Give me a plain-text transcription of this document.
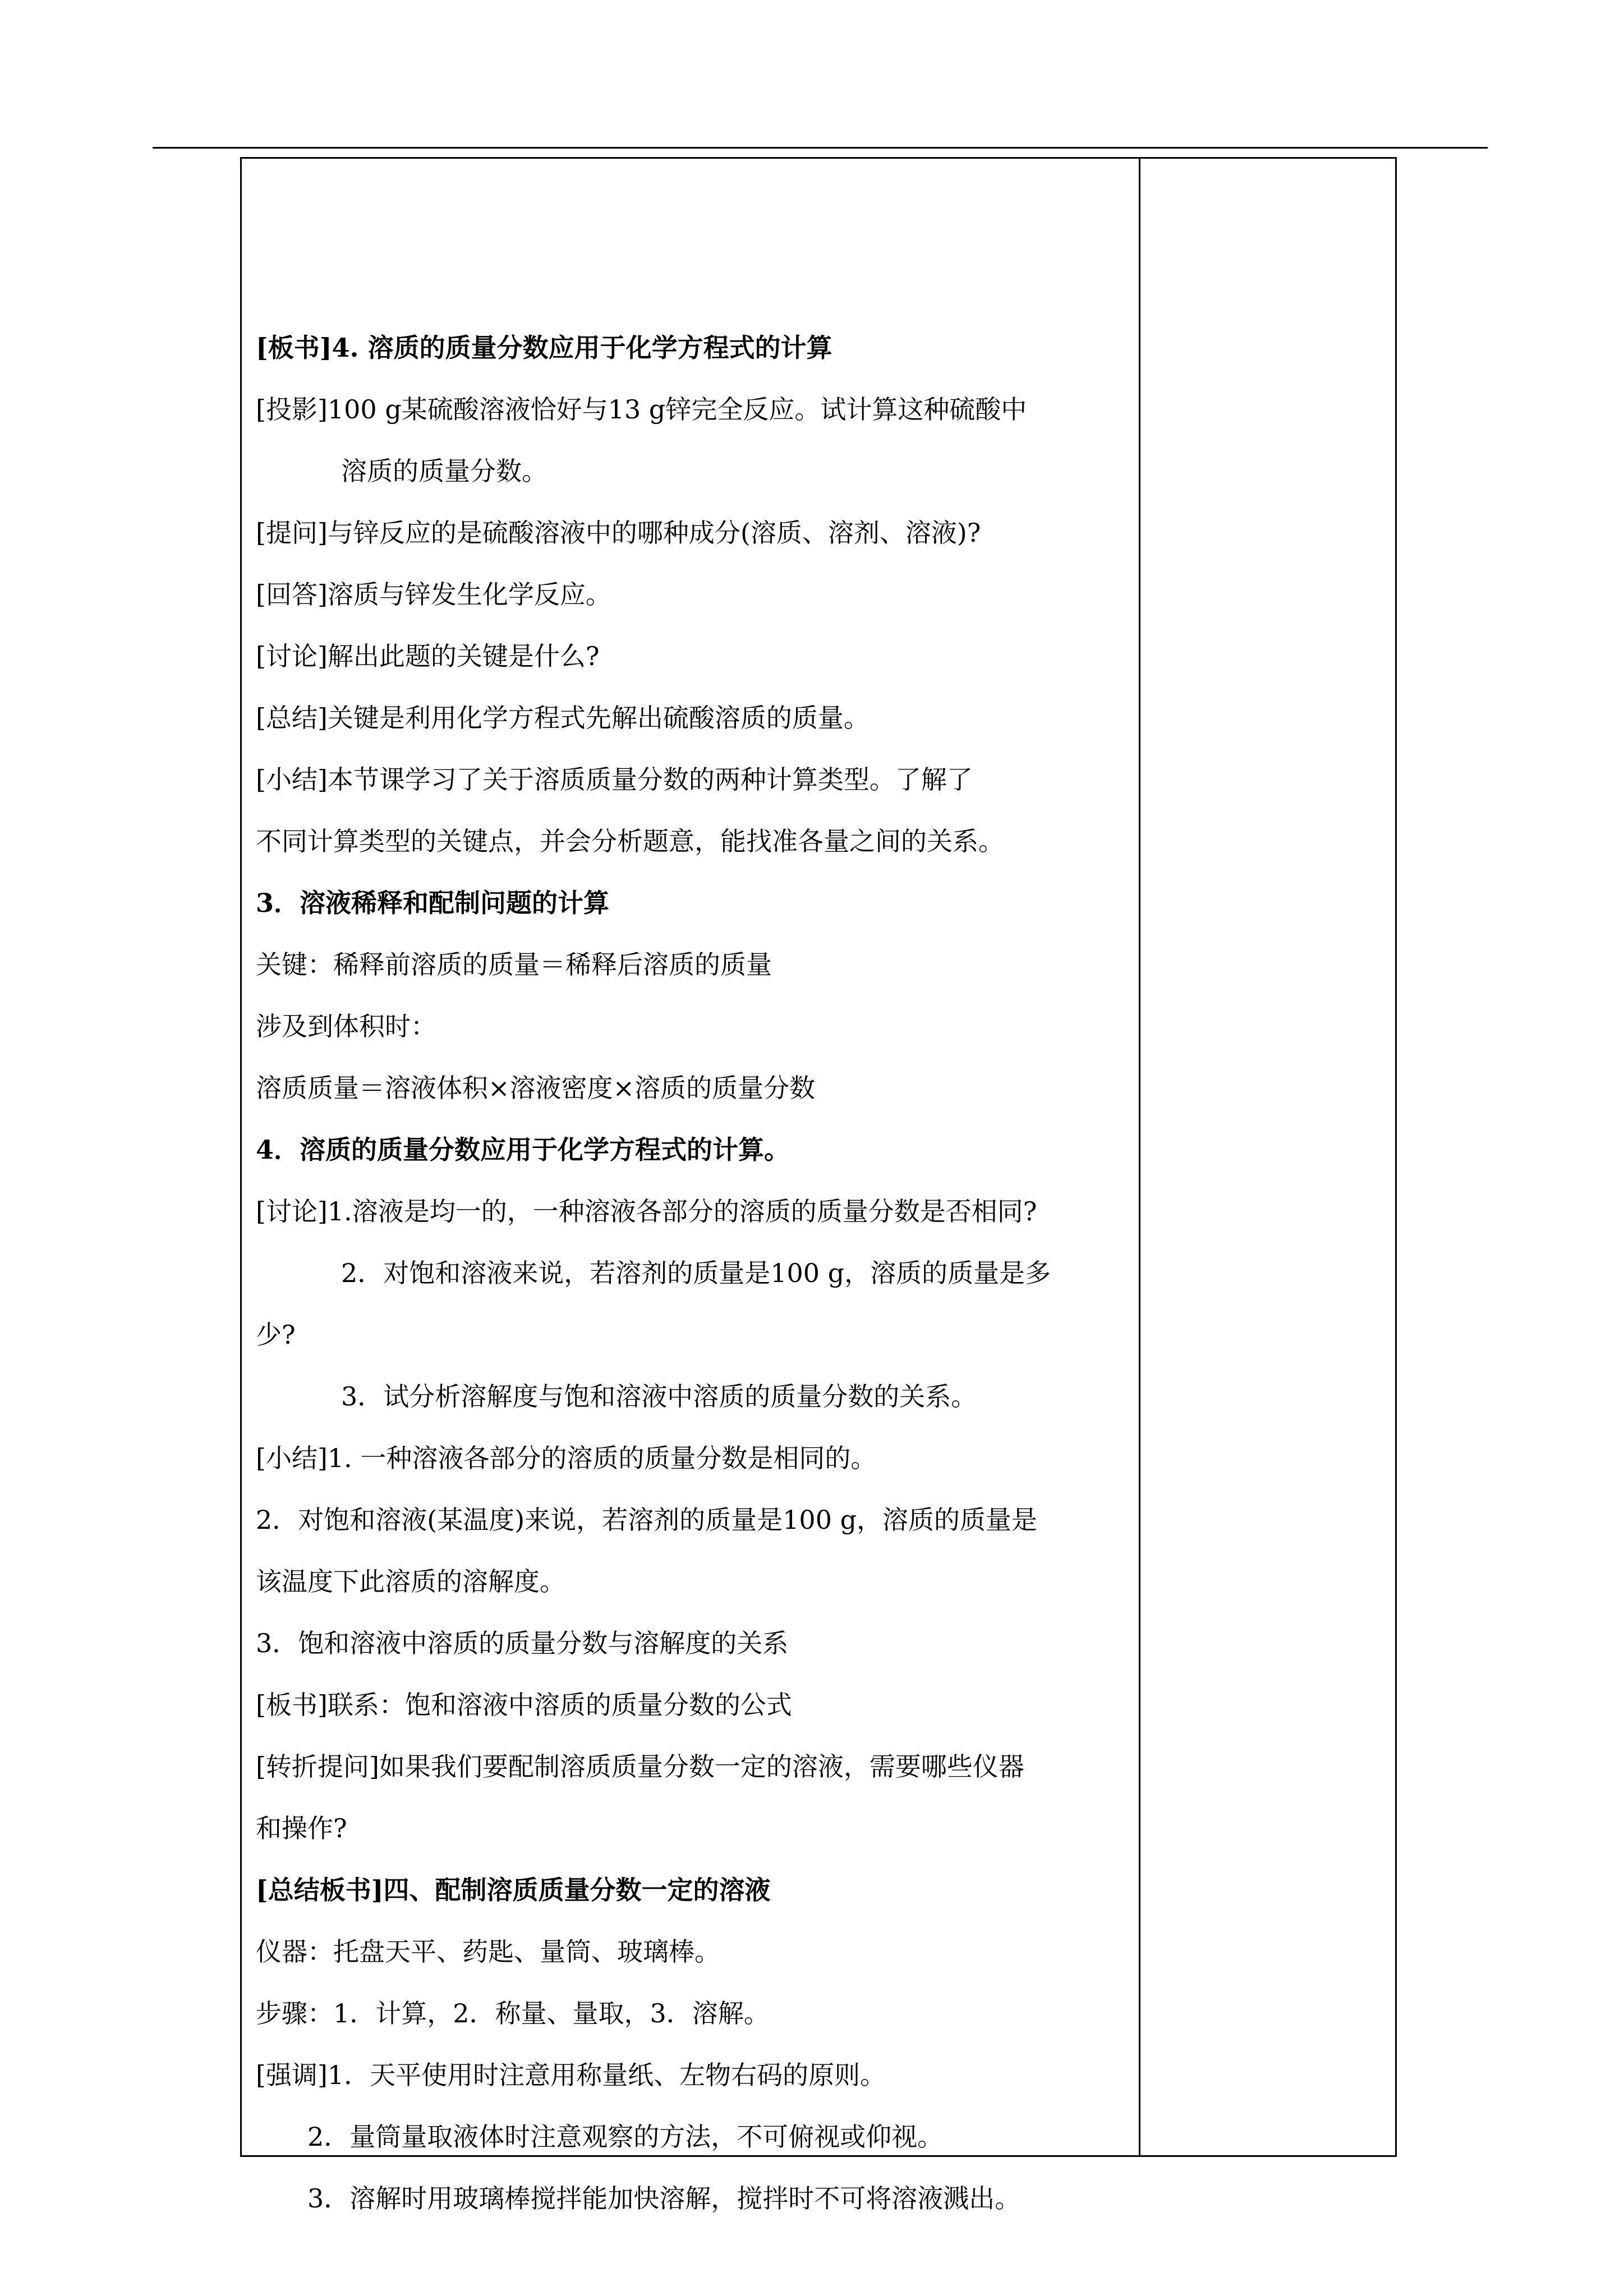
[板书]4. 溶质的质量分数应用于化学方程式的计算
[投影]100 g某硫酸溶液恰好与13 g锌完全反应。试计算这种硫酸中
溶质的质量分数。
[提问]与锌反应的是硫酸溶液中的哪种成分(溶质、溶剂、溶液)?
[回答]溶质与锌发生化学反应。
[讨论]解出此题的关键是什么?
[总结]关键是利用化学方程式先解出硫酸溶质的质量。
[小结]本节课学习了关于溶质质量分数的两种计算类型。了解了
不同计算类型的关键点，并会分析题意，能找准各量之间的关系。
3．溶液稀释和配制问题的计算
关键：稀释前溶质的质量＝稀释后溶质的质量
涉及到体积时：
溶质质量＝溶液体积×溶液密度×溶质的质量分数
4．溶质的质量分数应用于化学方程式的计算。
[讨论]1.溶液是均一的，一种溶液各部分的溶质的质量分数是否相同?
2．对饱和溶液来说，若溶剂的质量是100 g，溶质的质量是多
少?
3．试分析溶解度与饱和溶液中溶质的质量分数的关系。
[小结]1. 一种溶液各部分的溶质的质量分数是相同的。
2．对饱和溶液(某温度)来说，若溶剂的质量是100 g，溶质的质量是
该温度下此溶质的溶解度。
3．饱和溶液中溶质的质量分数与溶解度的关系
[板书]联系：饱和溶液中溶质的质量分数的公式
[转折提问]如果我们要配制溶质质量分数一定的溶液，需要哪些仪器
和操作?
[总结板书]四、配制溶质质量分数一定的溶液
仪器：托盘天平、药匙、量筒、玻璃棒。
步骤：1．计算，2．称量、量取，3．溶解。
[强调]1．天平使用时注意用称量纸、左物右码的原则。
2．量筒量取液体时注意观察的方法，不可俯视或仰视。
3．溶解时用玻璃棒搅拌能加快溶解，搅拌时不可将溶液溅出。
